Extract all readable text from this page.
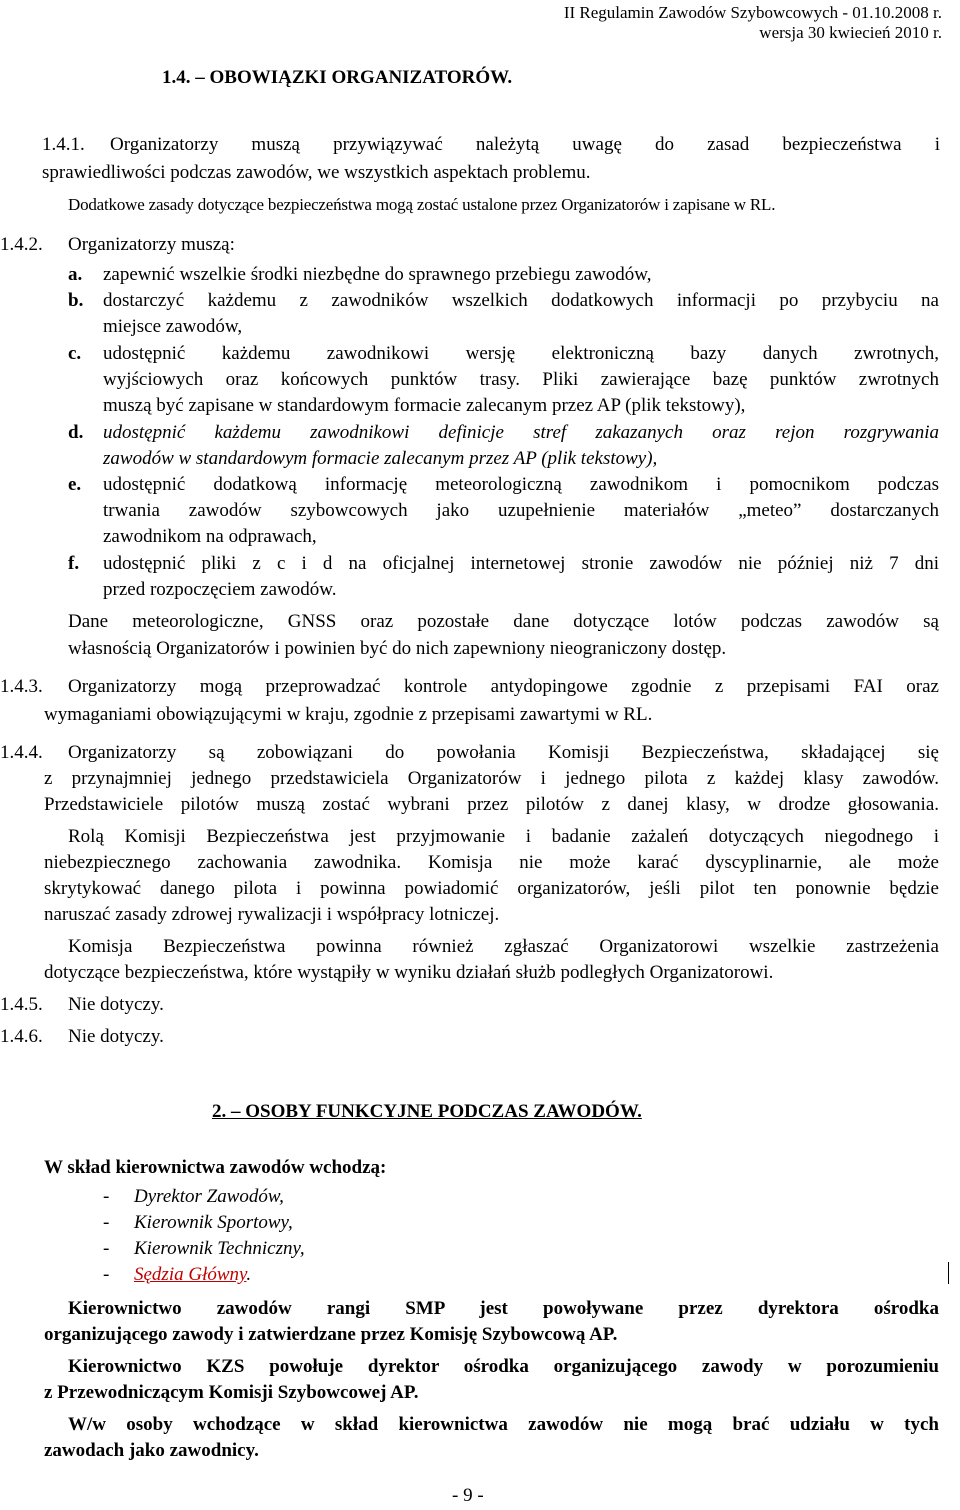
II Regulamin Zawodów Szybowcowych - 01.10.2008 r.
wersja 30 kwiecień 2010 r.
1.4. – OBOWIĄZKI ORGANIZATORÓW.
1.4.1. Organizatorzy muszą przywiązywać należytą uwagę do zasad bezpieczeństwa i
sprawiedliwości podczas zawodów, we wszystkich aspektach problemu.
Dodatkowe zasady dotyczące bezpieczeństwa mogą zostać ustalone przez Organizatorów i zapisane w RL.
1.4.2. Organizatorzy muszą:
a. zapewnić wszelkie środki niezbędne do sprawnego przebiegu zawodów,
b. dostarczyć każdemu z zawodników wszelkich dodatkowych informacji po przybyciu na
miejsce zawodów,
c. udostępnić każdemu zawodnikowi wersję elektroniczną bazy danych zwrotnych,
wyjściowych oraz końcowych punktów trasy. Pliki zawierające bazę punktów zwrotnych
muszą być zapisane w standardowym formacie zalecanym przez AP (plik tekstowy),
d. udostępnić każdemu zawodnikowi definicje stref zakazanych oraz rejon rozgrywania
zawodów w standardowym formacie zalecanym przez AP (plik tekstowy),
e. udostępnić dodatkową informację meteorologiczną zawodnikom i pomocnikom podczas
trwania zawodów szybowcowych jako uzupełnienie materiałów „meteo” dostarczanych
zawodnikom na odprawach,
f. udostępnić pliki z c i d na oficjalnej internetowej stronie zawodów nie później niż 7 dni
przed rozpoczęciem zawodów.
Dane meteorologiczne, GNSS oraz pozostałe dane dotyczące lotów podczas zawodów są
własnością Organizatorów i powinien być do nich zapewniony nieograniczony dostęp.
1.4.3. Organizatorzy mogą przeprowadzać kontrole antydopingowe zgodnie z przepisami FAI oraz
wymaganiami obowiązującymi w kraju, zgodnie z przepisami zawartymi w RL.
1.4.4. Organizatorzy są zobowiązani do powołania Komisji Bezpieczeństwa, składającej się
z przynajmniej jednego przedstawiciela Organizatorów i jednego pilota z każdej klasy zawodów.
Przedstawiciele pilotów muszą zostać wybrani przez pilotów z danej klasy, w drodze głosowania.
Rolą Komisji Bezpieczeństwa jest przyjmowanie i badanie zażaleń dotyczących niegodnego i
niebezpiecznego zachowania zawodnika. Komisja nie może karać dyscyplinarnie, ale może
skrytykować danego pilota i powinna powiadomić organizatorów, jeśli pilot ten ponownie będzie
naruszać zasady zdrowej rywalizacji i współpracy lotniczej.
Komisja Bezpieczeństwa powinna również zgłaszać Organizatorowi wszelkie zastrzeżenia
dotyczące bezpieczeństwa, które wystąpiły w wyniku działań służb podległych Organizatorowi.
1.4.5. Nie dotyczy.
1.4.6. Nie dotyczy.
2. – OSOBY FUNKCYJNE PODCZAS ZAWODÓW.
W skład kierownictwa zawodów wchodzą:
- Dyrektor Zawodów,
- Kierownik Sportowy,
- Kierownik Techniczny,
- Sędzia Główny.
Kierownictwo zawodów rangi SMP jest powoływane przez dyrektora ośrodka
organizującego zawody i zatwierdzane przez Komisję Szybowcową AP.
Kierownictwo KZS powołuje dyrektor ośrodka organizującego zawody w porozumieniu
z Przewodniczącym Komisji Szybowcowej AP.
W/w osoby wchodzące w skład kierownictwa zawodów nie mogą brać udziału w tych
zawodach jako zawodnicy.
- 9 -
